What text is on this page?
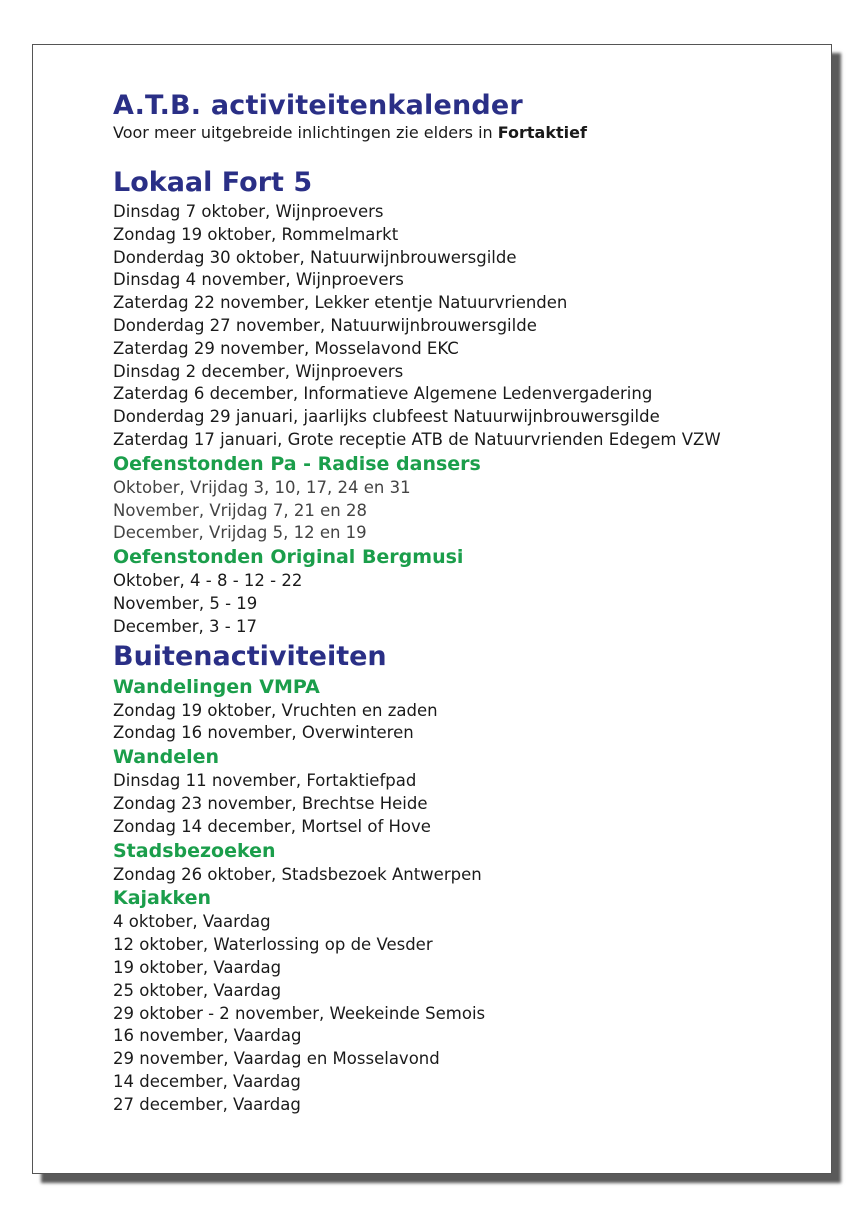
A.T.B. activiteitenkalender

Voor meer uitgebreide inlichtingen zie elders in Fortaktief

Lokaal Fort 5
Dinsdag 7 oktober, Wijnproevers
Zondag 19 oktober, Rommelmarkt
Donderdag 30 oktober, Natuurwijnbrouwersgilde
Dinsdag 4 november, Wijnproevers
Zaterdag 22 november, Lekker etentje Natuurvrienden
Donderdag 27 november, Natuurwijnbrouwersgilde
Zaterdag 29 november, Mosselavond EKC
Dinsdag 2 december, Wijnproevers
Zaterdag 6 december, Informatieve Algemene Ledenvergadering
Donderdag 29 januari, jaarlijks clubfeest Natuurwijnbrouwersgilde
Zaterdag 17 januari, Grote receptie ATB de Natuurvrienden Edegem VZW
Oefenstonden Pa - Radise dansers
Oktober, Vrijdag 3, 10, 17, 24 en 31
November, Vrijdag 7, 21 en 28
December, Vrijdag 5, 12 en 19
Oefenstonden Original Bergmusi
Oktober, 4 - 8 - 12 - 22
November, 5 - 19
December, 3 - 17
Buitenactiviteiten
Wandelingen VMPA
Zondag 19 oktober, Vruchten en zaden
Zondag 16 november, Overwinteren
Wandelen
Dinsdag 11 november, Fortaktiefpad
Zondag 23 november, Brechtse Heide
Zondag 14 december, Mortsel of Hove
Stadsbezoeken
Zondag 26 oktober, Stadsbezoek Antwerpen
Kajakken
4 oktober, Vaardag
12 oktober, Waterlossing op de Vesder
19 oktober, Vaardag
25 oktober, Vaardag
29 oktober - 2 november, Weekeinde Semois
16 november, Vaardag
29 november, Vaardag en Mosselavond
14 december, Vaardag
27 december, Vaardag
